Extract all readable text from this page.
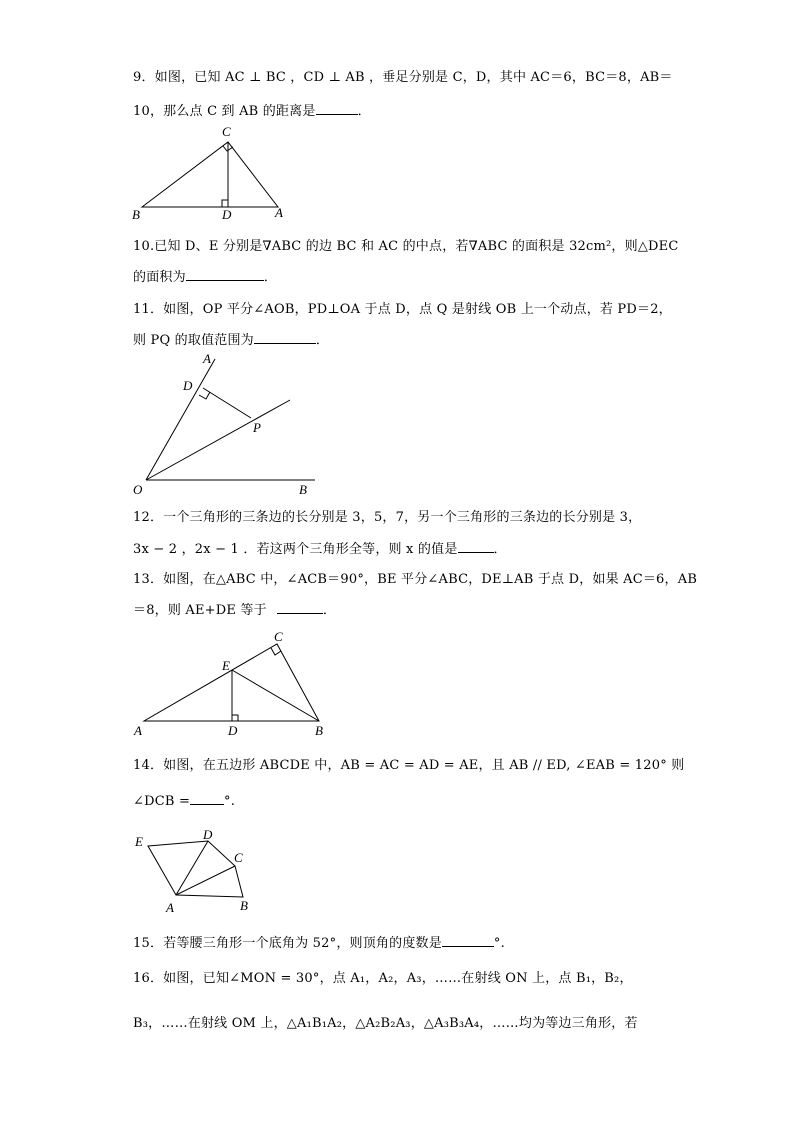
9．如图，已知 AC ⊥ BC ，CD ⊥ AB ，垂足分别是 C，D，其中 AC＝6，BC＝8，AB＝
10，那么点 C 到 AB 的距离是	．
C
B	D	A
10.已知 D、E 分别是∇ABC 的边 BC 和 AC 的中点，若∇ABC 的面积是 32cm²，则△DEC
的面积为	．
11．如图，OP 平分∠AOB，PD⊥OA 于点 D，点 Q 是射线 OB 上一个动点，若 PD＝2，
则 PQ 的取值范围为	．
A
D
P
O	B
12．一个三角形的三条边的长分别是 3，5，7，另一个三角形的三条边的长分别是 3，
3x − 2 ，2x − 1 ．若这两个三角形全等，则 x 的值是	．
13．如图，在△ABC 中，∠ACB＝90°，BE 平分∠ABC，DE⊥AB 于点 D，如果 AC＝6，AB
＝8，则 AE+DE 等于	．
C
E
A	D	B
14．如图，在五边形 ABCDE 中，AB = AC = AD = AE，且 AB // ED, ∠EAB = 120° 则
∠DCB =	°.
E	D
C
B
A
15．若等腰三角形一个底角为 52°，则顶角的度数是	°.
16．如图，已知∠MON = 30°，点 A₁，A₂，A₃，……在射线 ON 上，点 B₁，B₂，
B₃，……在射线 OM 上，△A₁B₁A₂，△A₂B₂A₃，△A₃B₃A₄，……均为等边三角形，若
